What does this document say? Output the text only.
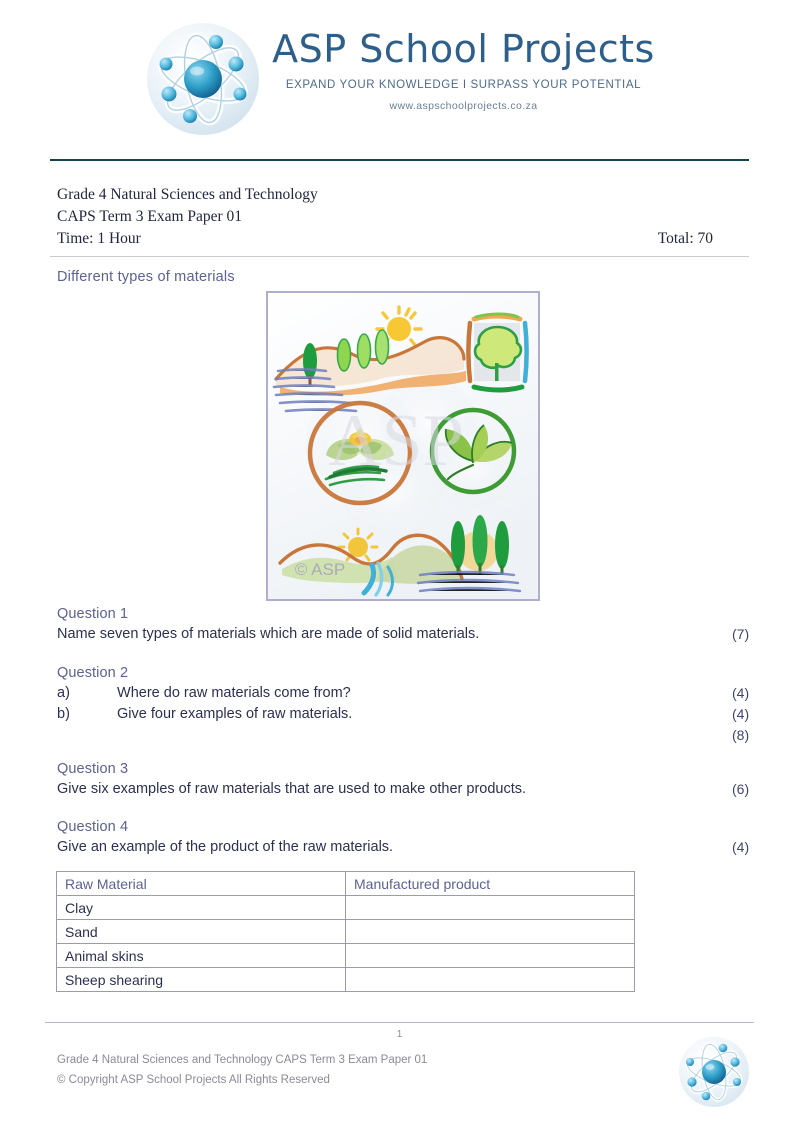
ASP School Projects
EXPAND YOUR KNOWLEDGE I SURPASS YOUR POTENTIAL
www.aspschoolprojects.co.za
Grade 4 Natural Sciences and Technology
CAPS Term 3 Exam Paper 01
Time: 1 Hour	Total: 70
Different types of materials
ASP
© ASP
Question 1
Name seven types of materials which are made of solid materials.	(7)
Question 2
a)	Where do raw materials come from?	(4)
b)	Give four examples of raw materials.	(4)
(8)
Question 3
Give six examples of raw materials that are used to make other products.	(6)
Question 4
Give an example of the product of the raw materials.	(4)
Raw Material	Manufactured product
Clay	
Sand	
Animal skins	
Sheep shearing	
1
Grade 4 Natural Sciences and Technology CAPS Term 3 Exam Paper 01
© Copyright ASP School Projects All Rights Reserved
